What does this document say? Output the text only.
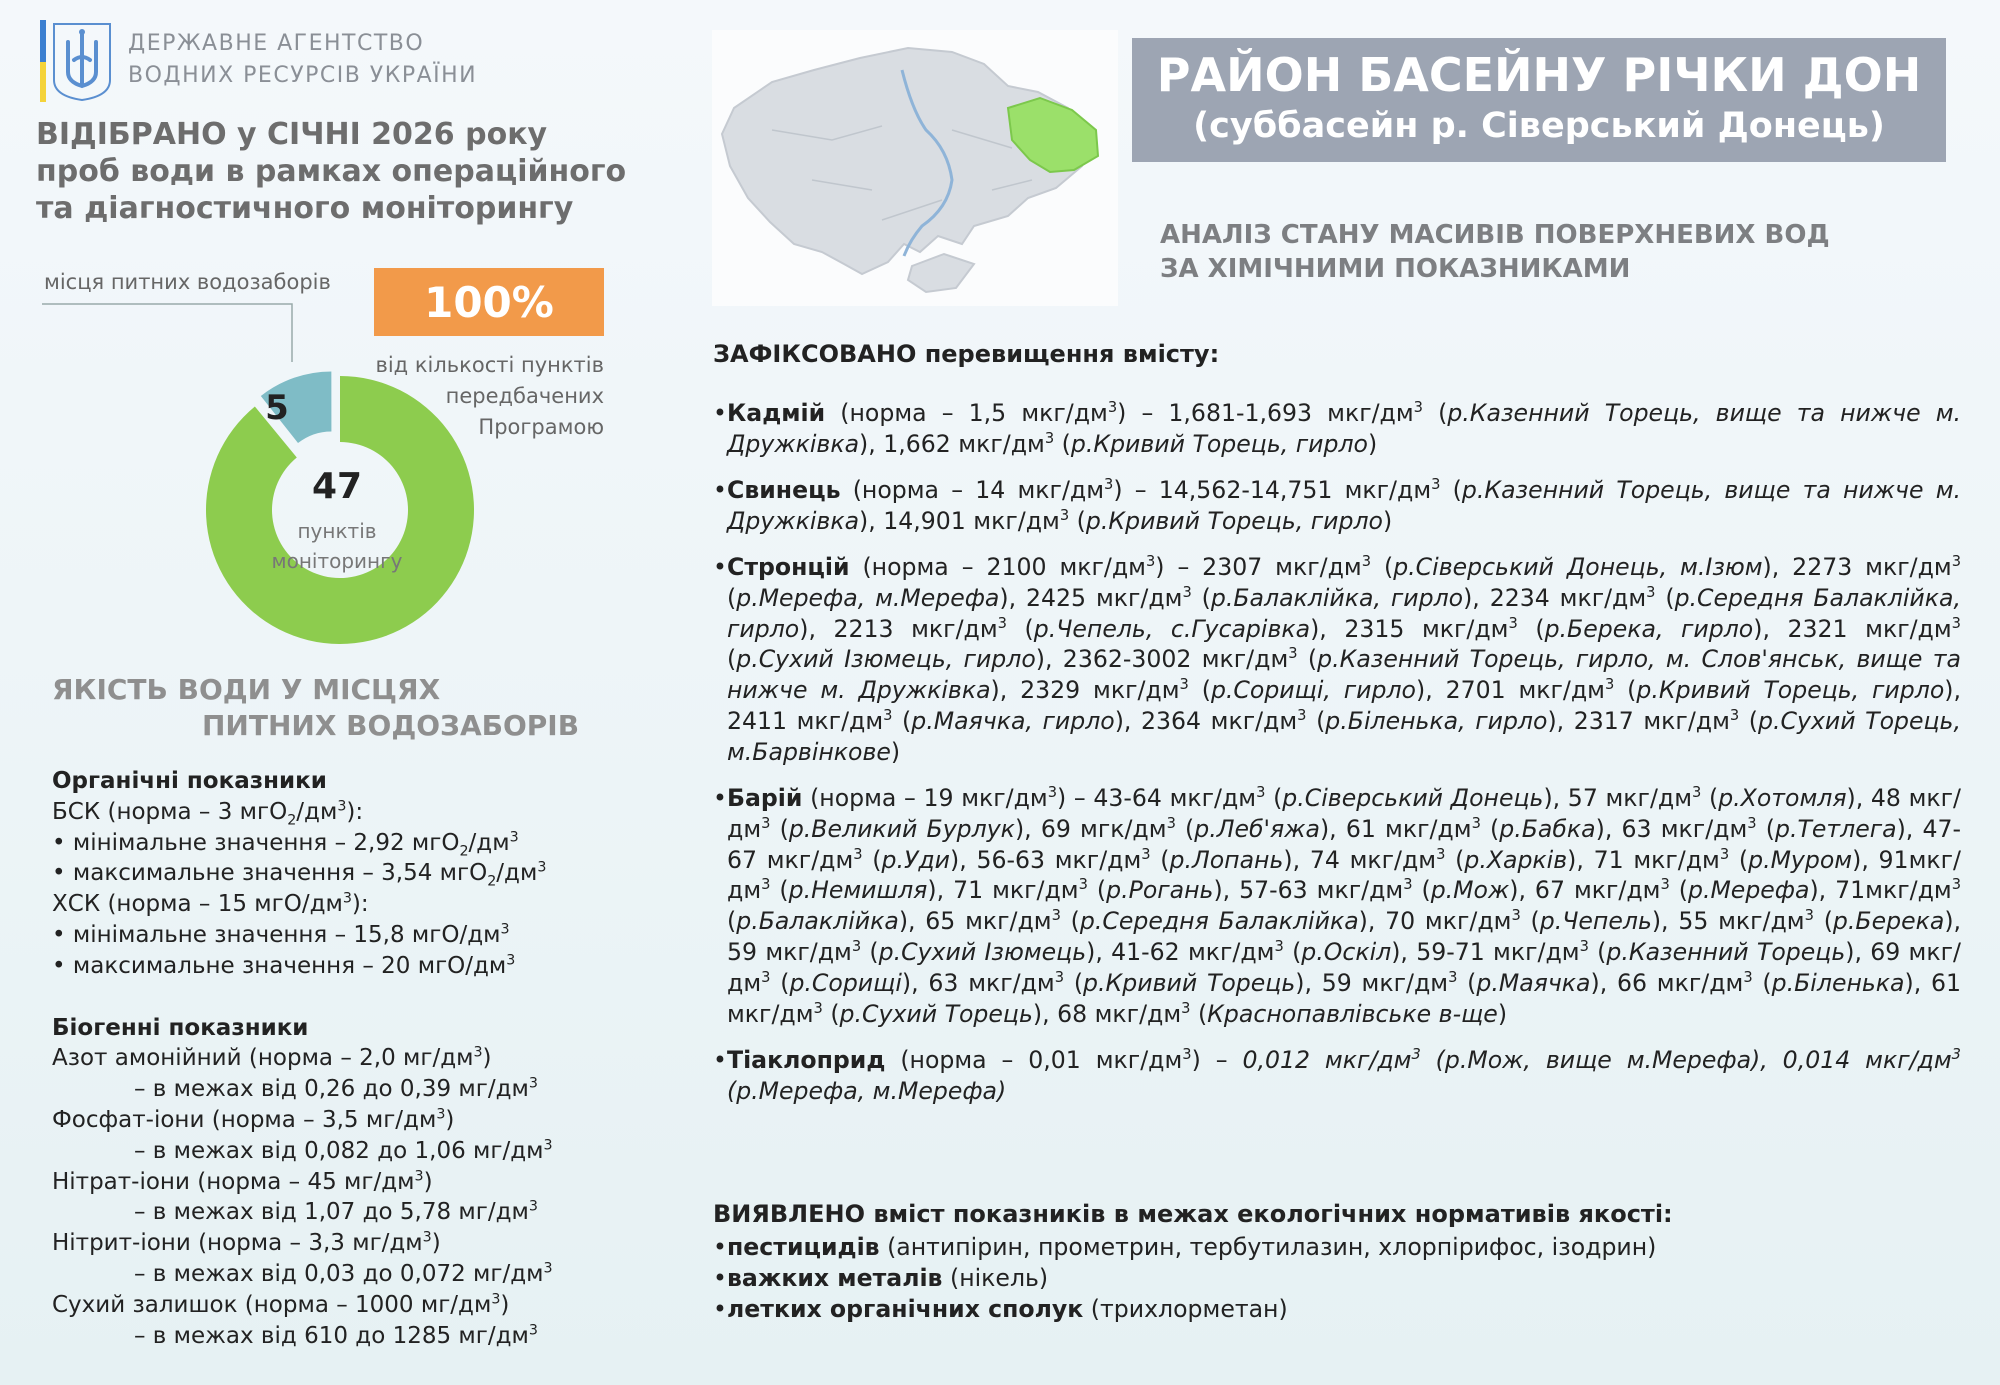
ДЕРЖАВНЕ АГЕНТСТВО
ВОДНИХ РЕСУРСІВ УКРАЇНИ
ВІДІБРАНО у СІЧНІ 2026 року
проб води в рамках операційного
та діагностичного моніторингу
місця питних водозаборів	100%
від кількості пунктів
передбачених
Програмою
5
47
пунктів
моніторингу
ЯКІСТЬ ВОДИ У МІСЦЯХ
ПИТНИХ ВОДОЗАБОРІВ
Органічні показники
БСК (норма – 3 $мгО_2/дм^3$):
• мінімальне значення – 2,92 $мгО_2/дм^3$
• максимальне значення – 3,54 $мгО_2/дм^3$
ХСК (норма – 15 мгО/$дм^3$):
• мінімальне значення – 15,8 мгО/$дм^3$
• максимальне значення – 20 мгО/$дм^3$
Біогенні показники
Азот амонійний (норма – 2,0 $мг/дм^3$)
– в межах від 0,26 до 0,39 $мг/дм^3$
Фосфат-іони (норма – 3,5 $мг/дм^3$)
– в межах від 0,082 до 1,06 $мг/дм^3$
Нітрат-іони (норма – 45 $мг/дм^3$)
– в межах від 1,07 до 5,78 $мг/дм^3$
Нітрит-іони (норма – 3,3 $мг/дм^3$)
– в межах від 0,03 до 0,072 $мг/дм^3$
Сухий залишок (норма – 1000 $мг/дм^3$)
– в межах від 610 до 1285 $мг/дм^3$
РАЙОН БАСЕЙНУ РІЧКИ ДОН
(суббасейн р. Сіверський Донець)
АНАЛІЗ СТАНУ МАСИВІВ ПОВЕРХНЕВИХ ВОД
ЗА ХІМІЧНИМИ ПОКАЗНИКАМИ
ЗАФІКСОВАНО перевищення вмісту:
• Кадмій (норма – 1,5 мкг/$дм^3) - 1,681-1,693$ мкг/$дм^3$ (р.Казенний Торець, вище та нижче м. Дружківка), 1,662 мкг/$дм^3$ (р.Кривий Торець, гирло)
• Свинець (норма – 14 мкг/$дм^3) - 14,562-14,751$ мкг/$дм^3$ (р.Казенний Торець, вище та нижче м. Дружківка), 14,901 мкг/$дм^3$ (р.Кривий Торець, гирло)
• Стронцій (норма – 2100 мкг/$дм^3) - 2307$ мкг/$дм^3$ (р.Сіверський Донець, м.Ізюм), 2273 мкг/$дм^3$ (р.Мерефа, м.Мерефа), 2425 мкг/$дм^3$ (р.Балаклійка, гирло), 2234 мкг/$дм^3$ (р.Середня Балаклійка, гирло), 2213 мкг/$дм^3$ (р.Чепель, с.Гусарівка), 2315 мкг/$дм^3$ (р.Берека, гирло), 2321 мкг/$дм^3$ (р.Сухий Ізюмець, гирло), 2362-3002 мкг/$дм^3$ (р.Казенний Торець, гирло, м. Слов'янськ, вище та нижче м. Дружківка), 2329 мкг/$дм^3$ (р.Сорищі, гирло), 2701 мкг/$дм^3$ (р.Кривий Торець, гирло), 2411 мкг/$дм^3$ (р.Маячка, гирло), 2364 мкг/$дм^3$ (р.Біленька, гирло), 2317 мкг/$дм^3$ (р.Сухий Торець, м.Барвінкове)
• Барій (норма – 19 мкг/$дм^3) - 43-64$ мкг/$дм^3$ (р.Сіверський Донець), 57 мкг/$дм^3$ (р.Хотомля), 48 мкг/$дм^3$ (р.Великий Бурлук), 69 мгк/$дм^3$ (р.Леб'яжа), 61 мкг/$дм^3$ (р.Бабка), 63 мкг/$дм^3$ (р.Тетлега), 47-67 мкг/$дм^3$ (р.Уди), 56-63 мкг/$дм^3$ (р.Лопань), 74 мкг/$дм^3$ (р.Харків), 71 мкг/$дм^3$ (р.Муром), $91мкг/дм^3$ (р.Немишля), 71 мкг/$дм^3$ (р.Рогань), 57-63 мкг/$дм^3$ (р.Мож), 67 мкг/$дм^3$ (р.Мерефа), $71мкг/дм^3$ (р.Балаклійка), 65 мкг/$дм^3$ (р.Середня Балаклійка), 70 мкг/$дм^3$ (р.Чепель), 55 мкг/$дм^3$ (р.Берека), 59 мкг/$дм^3$ (р.Сухий Ізюмець), 41-62 мкг/$дм^3$ (р.Оскіл), 59-71 мкг/$дм^3$ (р.Казенний Торець), 69 мкг/$дм^3$ (р.Сорищі), 63 мкг/$дм^3$ (р.Кривий Торець), 59 мкг/$дм^3$ (р.Маячка), 66 мкг/$дм^3$ (р.Біленька), 61 мкг/$дм^3$ (р.Сухий Торець), 68 мкг/$дм^3$ (Краснопавлівське в-ще)
• Тіаклоприд (норма – 0,01 мкг/$дм^3) - 0,012$ мкг/$дм^3$ (р.Мож, вище м.Мерефа), 0,014 мкг/$дм^3$ (р.Мерефа, м.Мерефа)
ВИЯВЛЕНО вміст показників в межах екологічних нормативів якості:
• пестицидів (антипірин, прометрин, тербутилазин, хлорпірифос, ізодрин)
• важких металів (нікель)
• летких органічних сполук (трихлорметан)
